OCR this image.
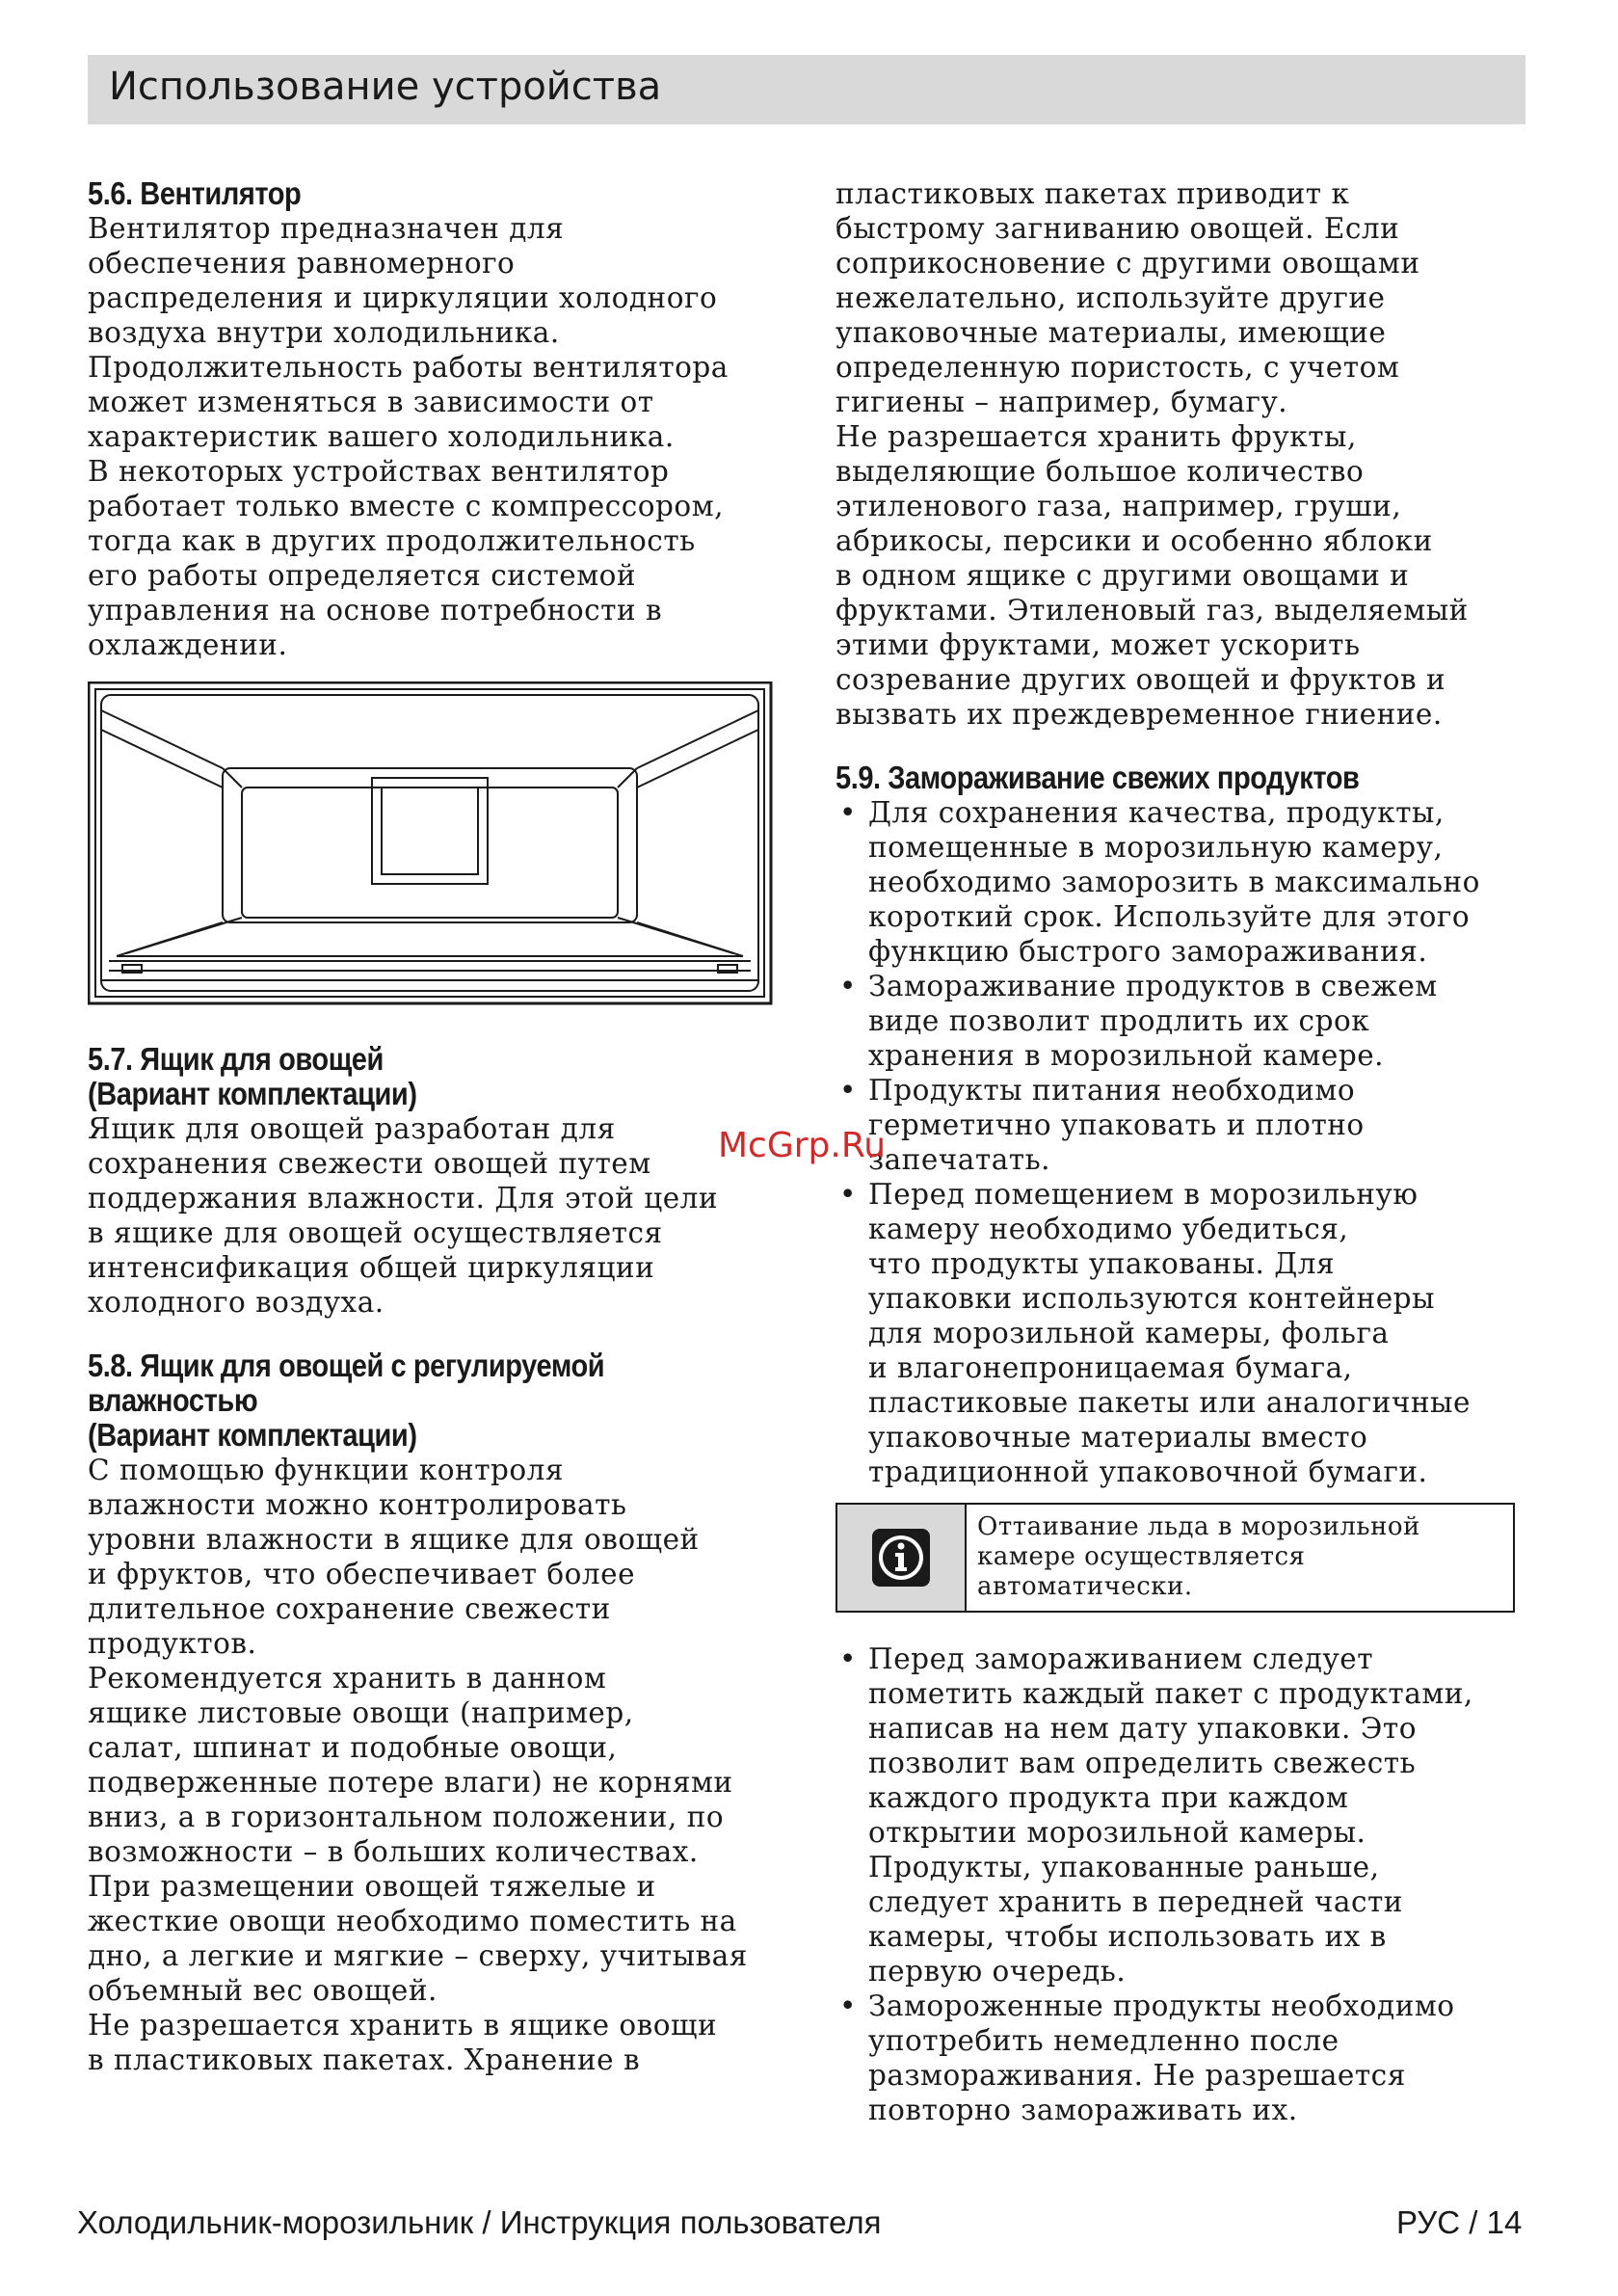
Использование устройства

5.6. Вентилятор

Вентилятор предназначен для

обеспечения равномерного

распределения и циркуляции холодного

воздуха внутри холодильника.

Продолжительность работы вентилятора

может изменяться в зависимости от

характеристик вашего холодильника.

В некоторых устройствах вентилятор

работает только вместе с компрессором,

тогда как в других продолжительность

его работы определяется системой

управления на основе потребности в

охлаждении.

5.7. Ящик для овощей

(Вариант комплектации)

Ящик для овощей разработан для

сохранения свежести овощей путем

поддержания влажности. Для этой цели

в ящике для овощей осуществляется

интенсификация общей циркуляции

холодного воздуха.

5.8. Ящик для овощей с регулируемой

влажностью

(Вариант комплектации)

С помощью функции контроля

влажности можно контролировать

уровни влажности в ящике для овощей

и фруктов, что обеспечивает более

длительное сохранение свежести

продуктов.

Рекомендуется хранить в данном

ящике листовые овощи (например,

салат, шпинат и подобные овощи,

подверженные потере влаги) не корнями

вниз, а в горизонтальном положении, по

возможности – в больших количествах.

При размещении овощей тяжелые и

жесткие овощи необходимо поместить на

дно, а легкие и мягкие – сверху, учитывая

объемный вес овощей.

Не разрешается хранить в ящике овощи

в пластиковых пакетах. Хранение в

пластиковых пакетах приводит к

быстрому загниванию овощей. Если

соприкосновение с другими овощами

нежелательно, используйте другие

упаковочные материалы, имеющие

определенную пористость, с учетом

гигиены – например, бумагу.

Не разрешается хранить фрукты,

выделяющие большое количество

этиленового газа, например, груши,

абрикосы, персики и особенно яблоки

в одном ящике с другими овощами и

фруктами. Этиленовый газ, выделяемый

этими фруктами, может ускорить

созревание других овощей и фруктов и

вызвать их преждевременное гниение.

5.9. Замораживание свежих продуктов

• Для сохранения качества, продукты,
помещенные в морозильную камеру,
необходимо заморозить в максимально
короткий срок. Используйте для этого
функцию быстрого замораживания.
• Замораживание продуктов в свежем
виде позволит продлить их срок
хранения в морозильной камере.
• Продукты питания необходимо
герметично упаковать и плотно
запечатать.
• Перед помещением в морозильную
камеру необходимо убедиться,
что продукты упакованы. Для
упаковки используются контейнеры
для морозильной камеры, фольга
и влагонепроницаемая бумага,
пластиковые пакеты или аналогичные
упаковочные материалы вместо
традиционной упаковочной бумаги.
Оттаивание льда в морозильной
камере осуществляется
автоматически.
• Перед замораживанием следует
пометить каждый пакет с продуктами,
написав на нем дату упаковки. Это
позволит вам определить свежесть
каждого продукта при каждом
открытии морозильной камеры.
Продукты, упакованные раньше,
следует хранить в передней части
камеры, чтобы использовать их в
первую очередь.
• Замороженные продукты необходимо
употребить немедленно после
размораживания. Не разрешается
повторно замораживать их.
McGrp.Ru
Холодильник-морозильник / Инструкция пользователя	РУС / 14
